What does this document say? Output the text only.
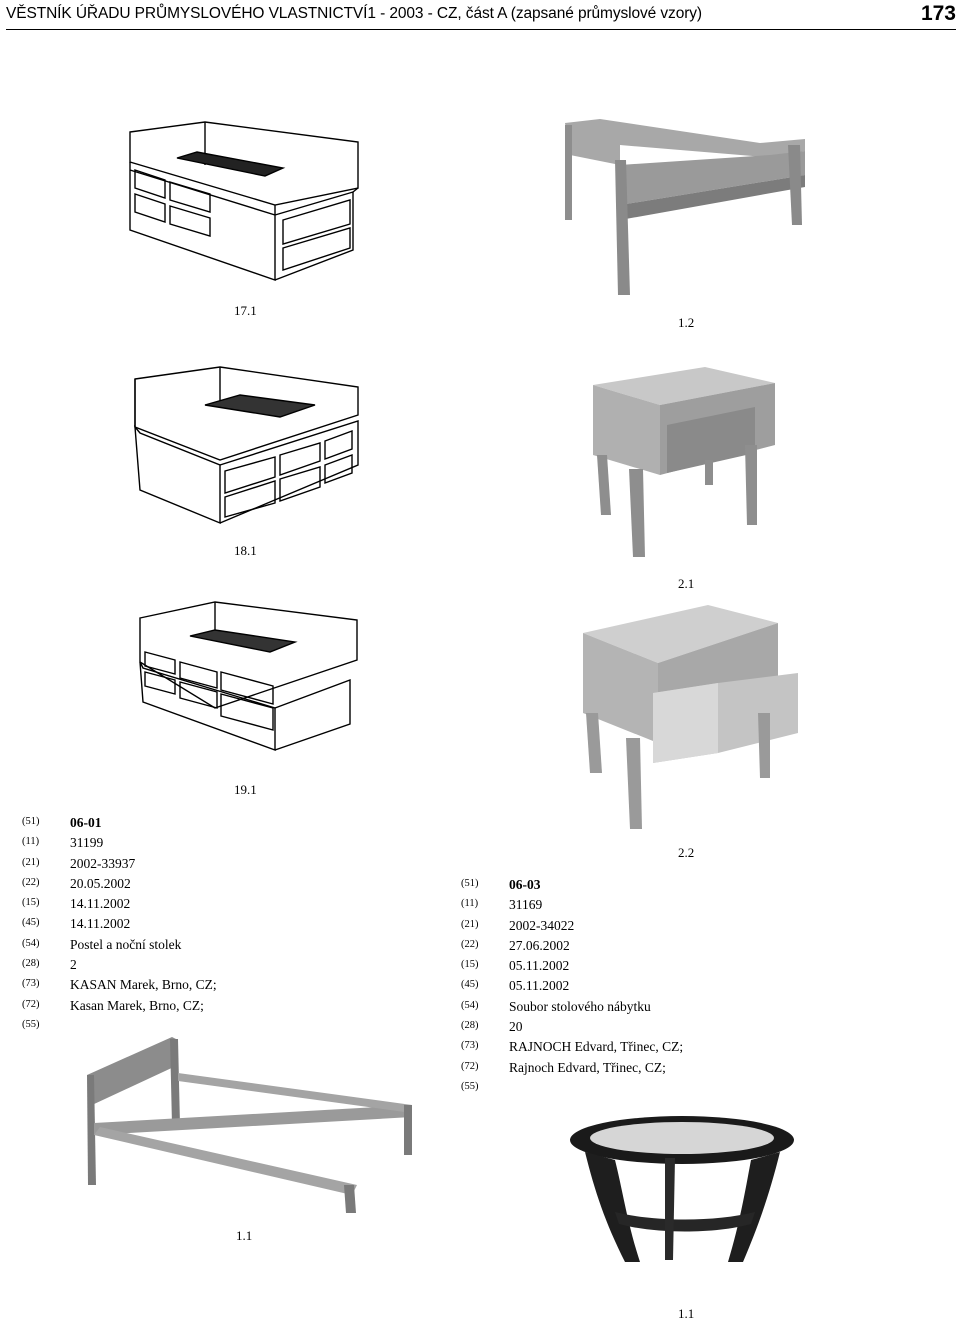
VĚSTNÍK ÚŘADU PRŮMYSLOVÉHO VLASTNICTVÍ1 - 2003 - CZ, část A (zapsané průmyslové vzory)	173
17.1
1.2
18.1
2.1
19.1
2.2
(51)	06-01
(11)	31199
(21)	2002-33937
(22)	20.05.2002
(15)	14.11.2002
(45)	14.11.2002
(54)	Postel a noční stolek
(28)	2
(73)	KASAN Marek, Brno, CZ;
(72)	Kasan Marek, Brno, CZ;
(55)
(51)	06-03
(11)	31169
(21)	2002-34022
(22)	27.06.2002
(15)	05.11.2002
(45)	05.11.2002
(54)	Soubor stolového nábytku
(28)	20
(73)	RAJNOCH Edvard, Třinec, CZ;
(72)	Rajnoch Edvard, Třinec, CZ;
(55)
1.1
1.1
